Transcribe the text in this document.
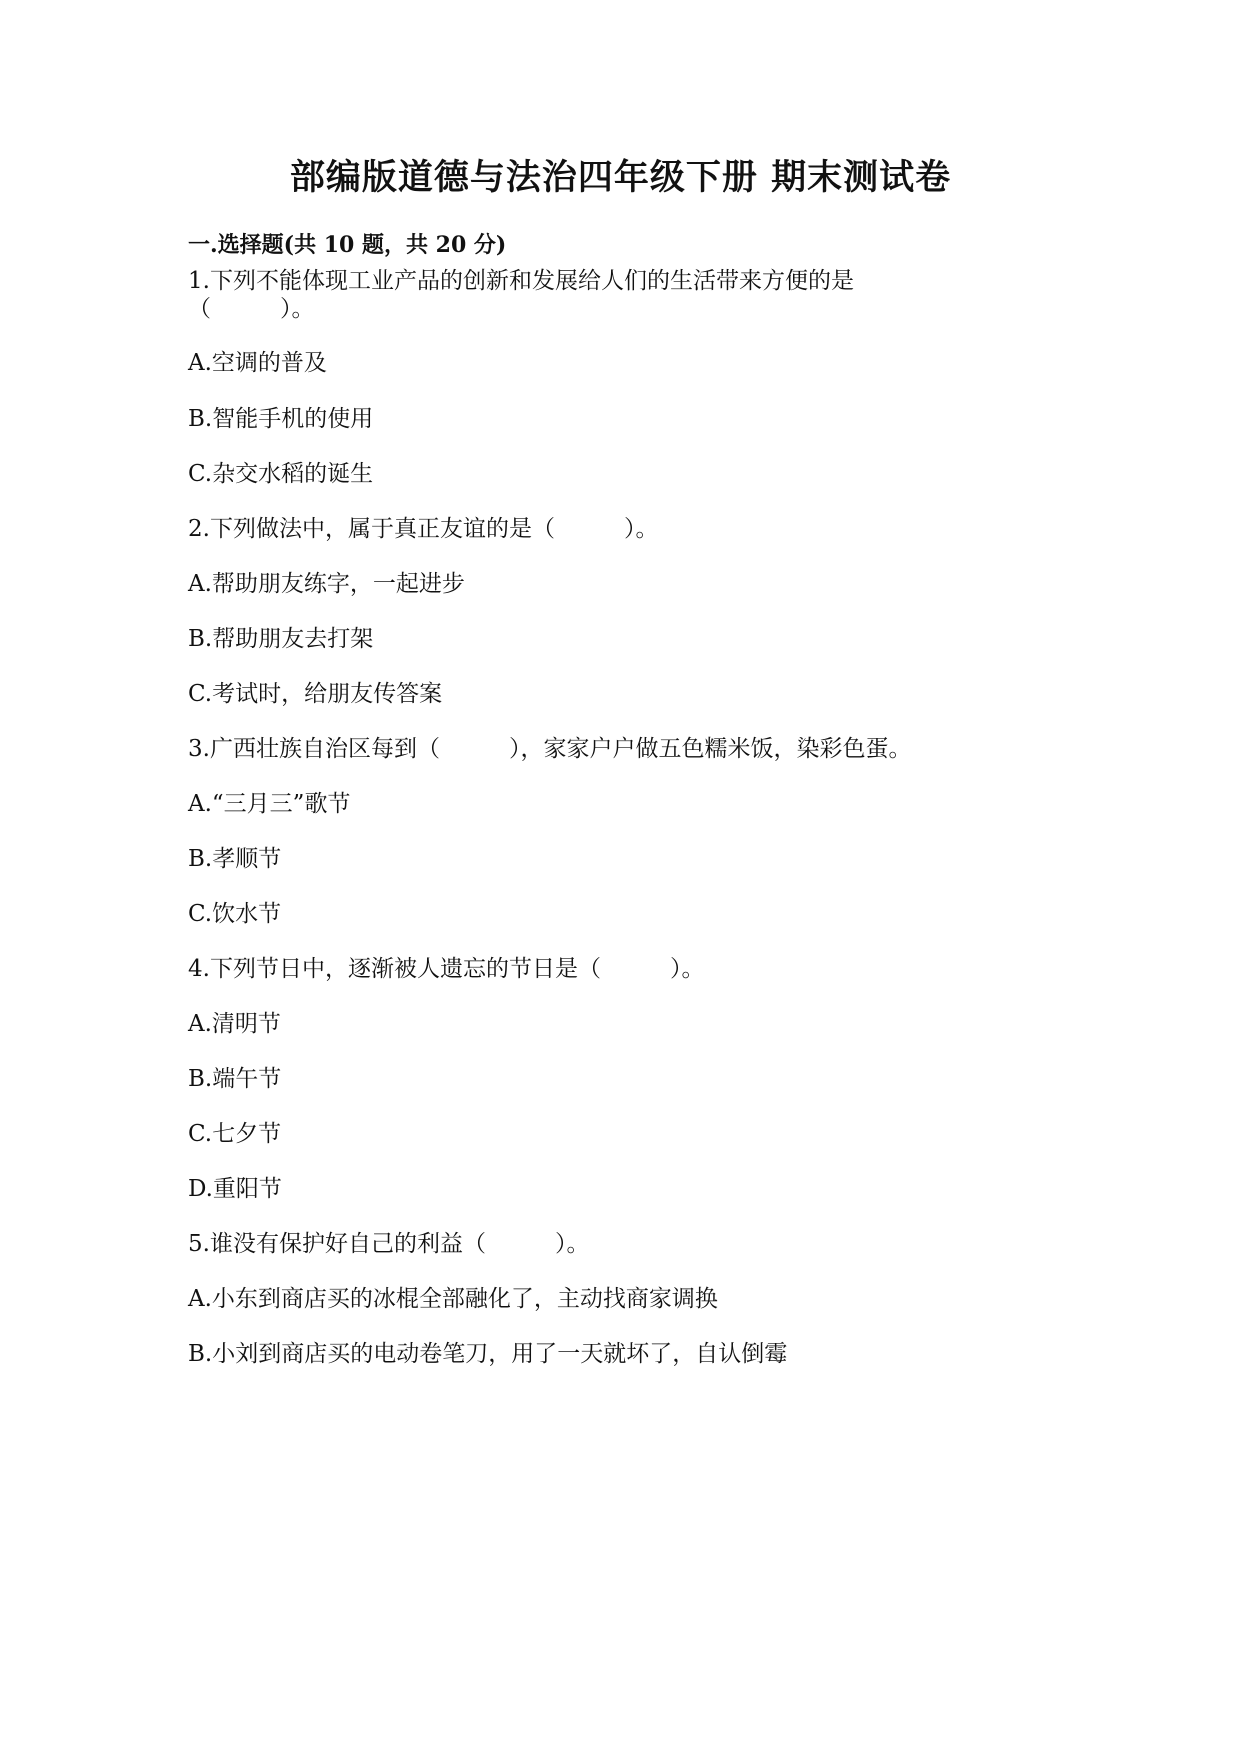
部编版道德与法治四年级下册 期末测试卷
一.选择题(共 10 题，共 20 分)

1.下列不能体现工业产品的创新和发展给人们的生活带来方便的是

（　　　）。

A.空调的普及

B.智能手机的使用

C.杂交水稻的诞生

2.下列做法中，属于真正友谊的是（　　　）。

A.帮助朋友练字，一起进步

B.帮助朋友去打架

C.考试时，给朋友传答案

3.广西壮族自治区每到（　　　），家家户户做五色糯米饭，染彩色蛋。

A.“三月三”歌节

B.孝顺节

C.饮水节

4.下列节日中，逐渐被人遗忘的节日是（　　　）。

A.清明节

B.端午节

C.七夕节

D.重阳节

5.谁没有保护好自己的利益（　　　）。

A.小东到商店买的冰棍全部融化了，主动找商家调换

B.小刘到商店买的电动卷笔刀，用了一天就坏了，自认倒霉
